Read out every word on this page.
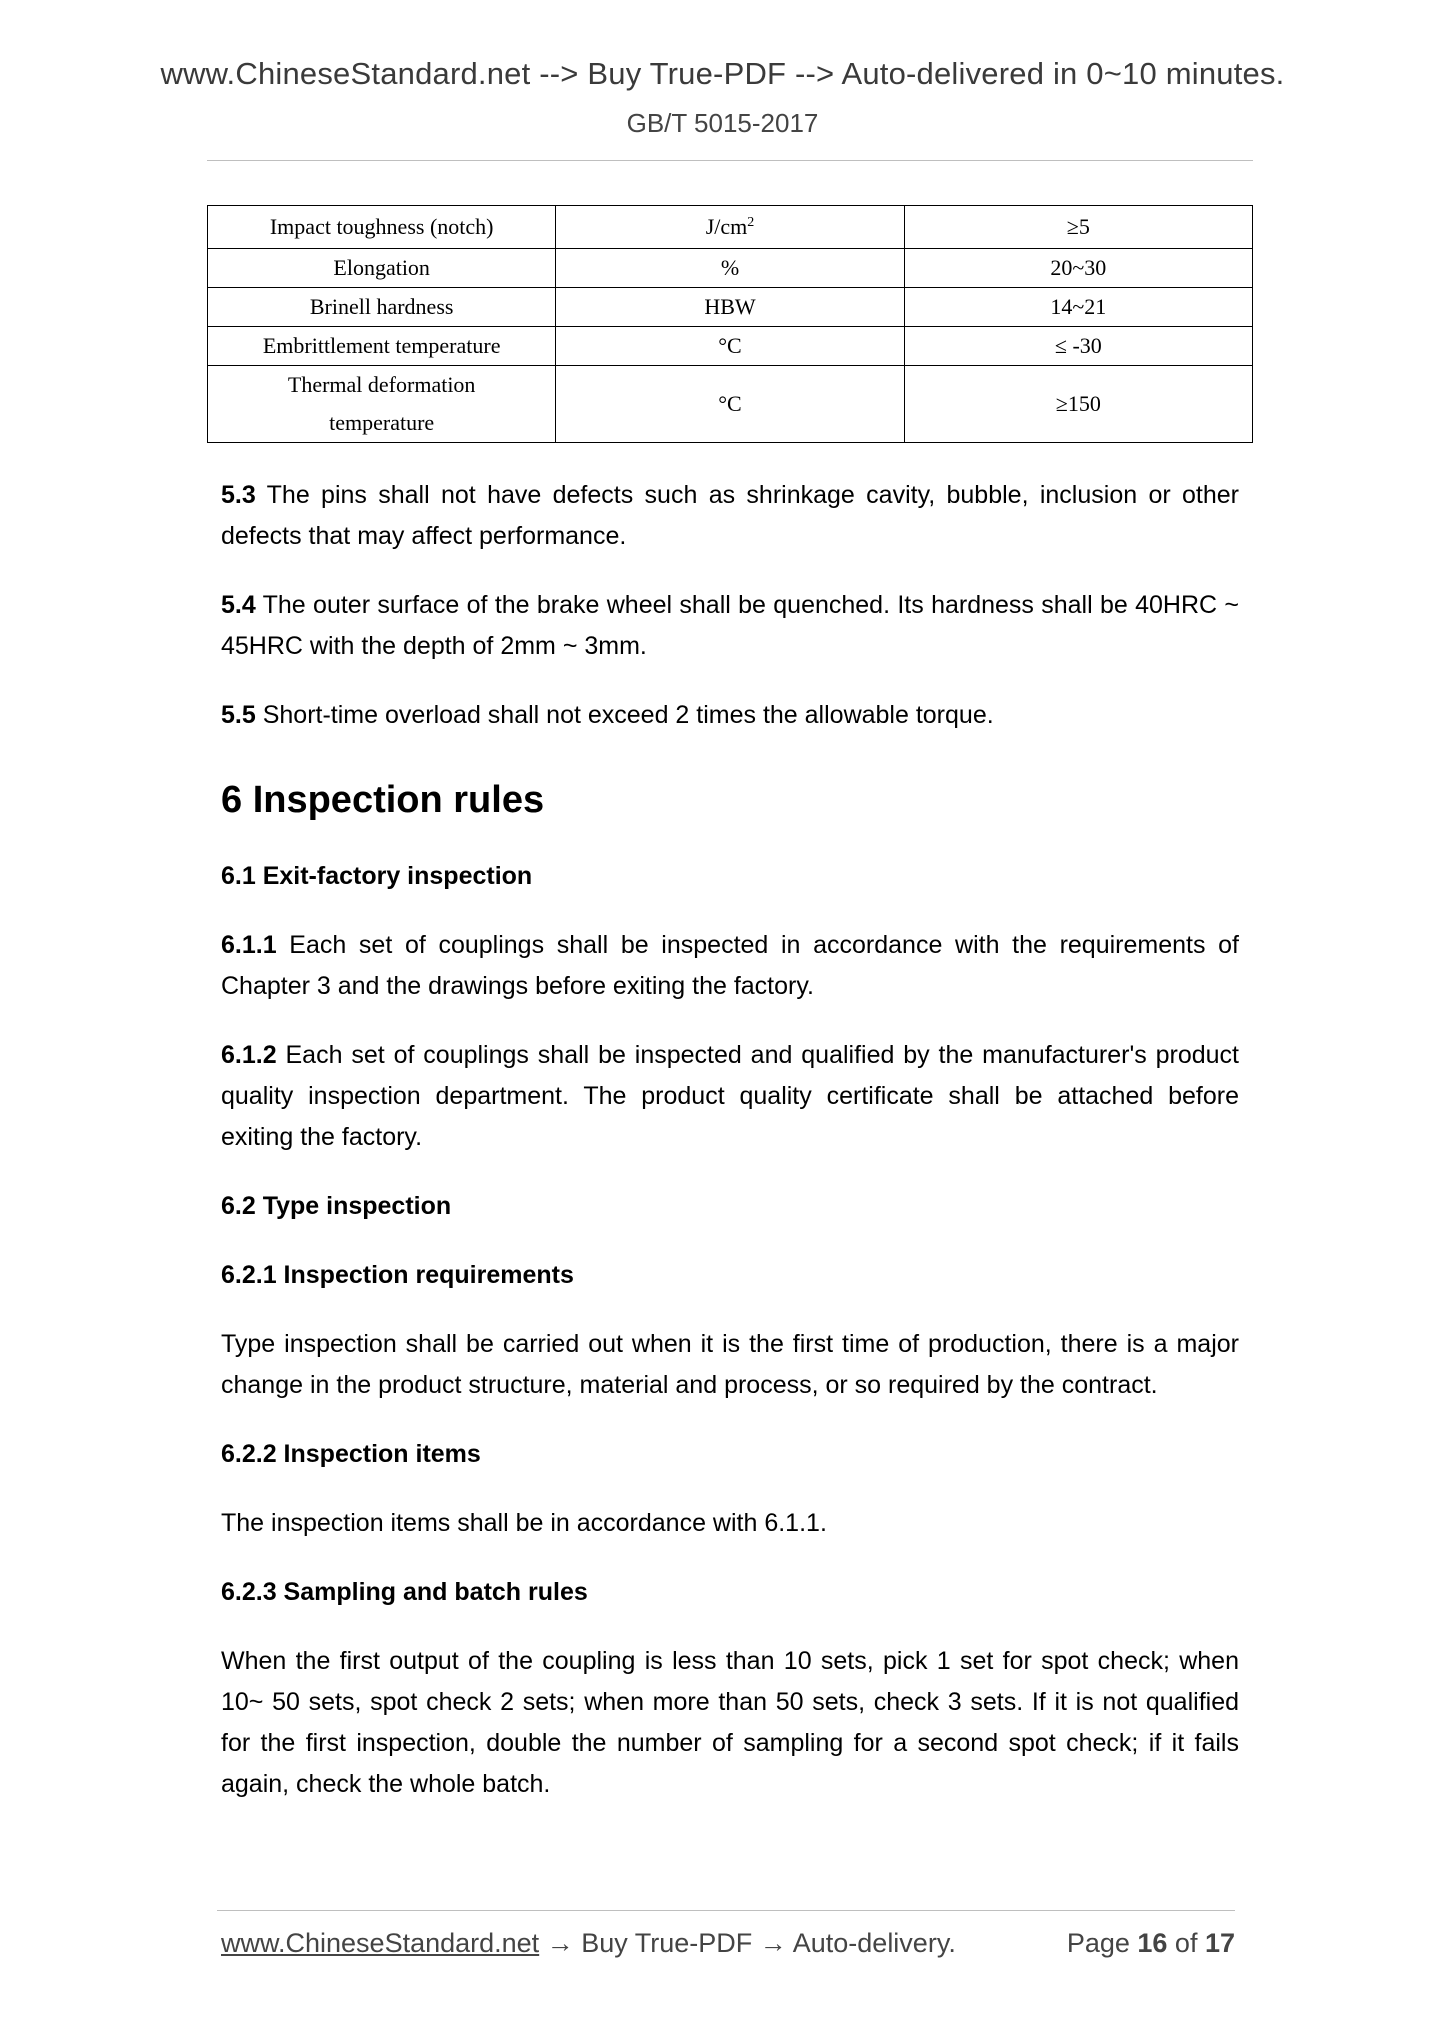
www.ChineseStandard.net --> Buy True-PDF --> Auto-delivered in 0~10 minutes.
GB/T 5015-2017
Impact toughness (notch)	$J/cm^2$	≥5
Elongation	%	20~30
Brinell hardness	HBW	14~21
Embrittlement temperature	°C	≤ -30
Thermal deformation
temperature	°C	≥150

5.3 The pins shall not have defects such as shrinkage cavity, bubble, inclusion or other defects that may affect performance.

5.4 The outer surface of the brake wheel shall be quenched. Its hardness shall be 40HRC ~ 45HRC with the depth of 2mm ~ 3mm.

5.5 Short-time overload shall not exceed 2 times the allowable torque.

6 Inspection rules

6.1 Exit-factory inspection

6.1.1 Each set of couplings shall be inspected in accordance with the requirements of Chapter 3 and the drawings before exiting the factory.

6.1.2 Each set of couplings shall be inspected and qualified by the manufacturer's product quality inspection department. The product quality certificate shall be attached before exiting the factory.

6.2 Type inspection

6.2.1 Inspection requirements

Type inspection shall be carried out when it is the first time of production, there is a major change in the product structure, material and process, or so required by the contract.

6.2.2 Inspection items

The inspection items shall be in accordance with 6.1.1.

6.2.3 Sampling and batch rules

When the first output of the coupling is less than 10 sets, pick 1 set for spot check; when 10~ 50 sets, spot check 2 sets; when more than 50 sets, check 3 sets. If it is not qualified for the first inspection, double the number of sampling for a second spot check; if it fails again, check the whole batch.

www.ChineseStandard.net → Buy True-PDF → Auto-delivery.	Page 16 of 17
